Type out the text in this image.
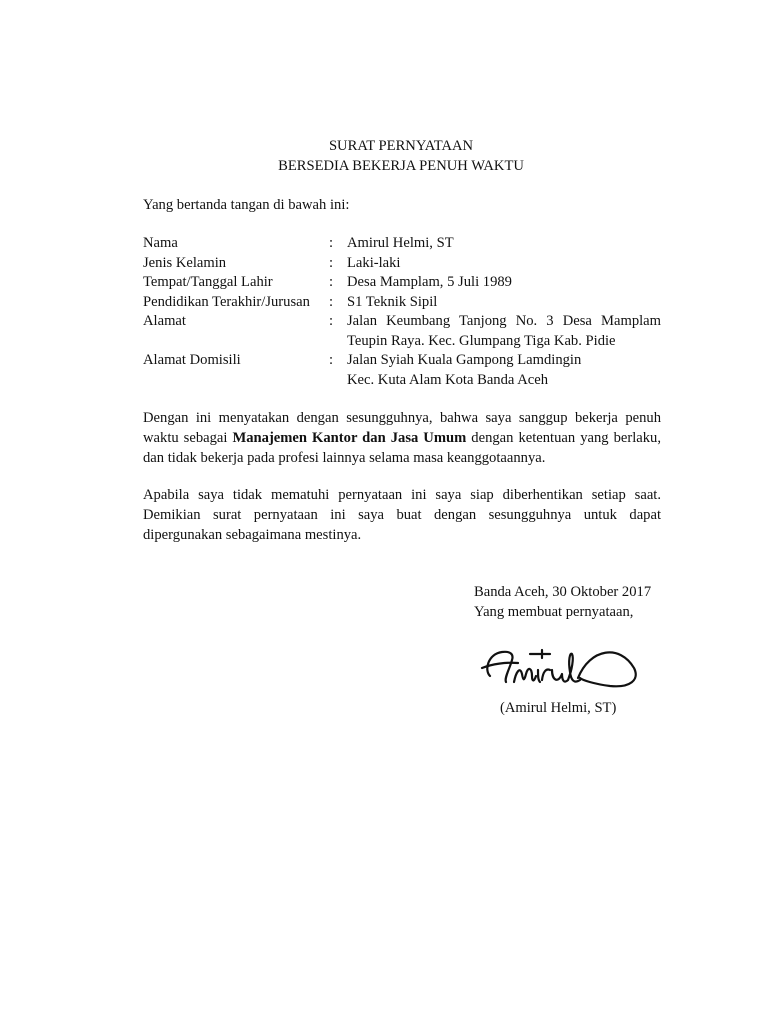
SURAT PERNYATAAN
BERSEDIA BEKERJA PENUH WAKTU
Yang bertanda tangan di bawah ini:
Nama	: Amirul Helmi, ST
Jenis Kelamin	: Laki-laki
Tempat/Tanggal Lahir	: Desa Mamplam, 5 Juli 1989
Pendidikan Terakhir/Jurusan	: S1 Teknik Sipil
Alamat	: Jalan Keumbang Tanjong No. 3 Desa Mamplam
Teupin Raya. Kec. Glumpang Tiga Kab. Pidie
Alamat Domisili	: Jalan Syiah Kuala Gampong Lamdingin
Kec. Kuta Alam Kota Banda Aceh
Dengan ini menyatakan dengan sesungguhnya, bahwa saya sanggup bekerja penuh
waktu sebagai Manajemen Kantor dan Jasa Umum dengan ketentuan yang berlaku,
dan tidak bekerja pada profesi lainnya selama masa keanggotaannya.
Apabila saya tidak mematuhi pernyataan ini saya siap diberhentikan setiap saat.
Demikian surat pernyataan ini saya buat dengan sesungguhnya untuk dapat
dipergunakan sebagaimana mestinya.
Banda Aceh, 30 Oktober 2017
Yang membuat pernyataan,
(Amirul Helmi, ST)
